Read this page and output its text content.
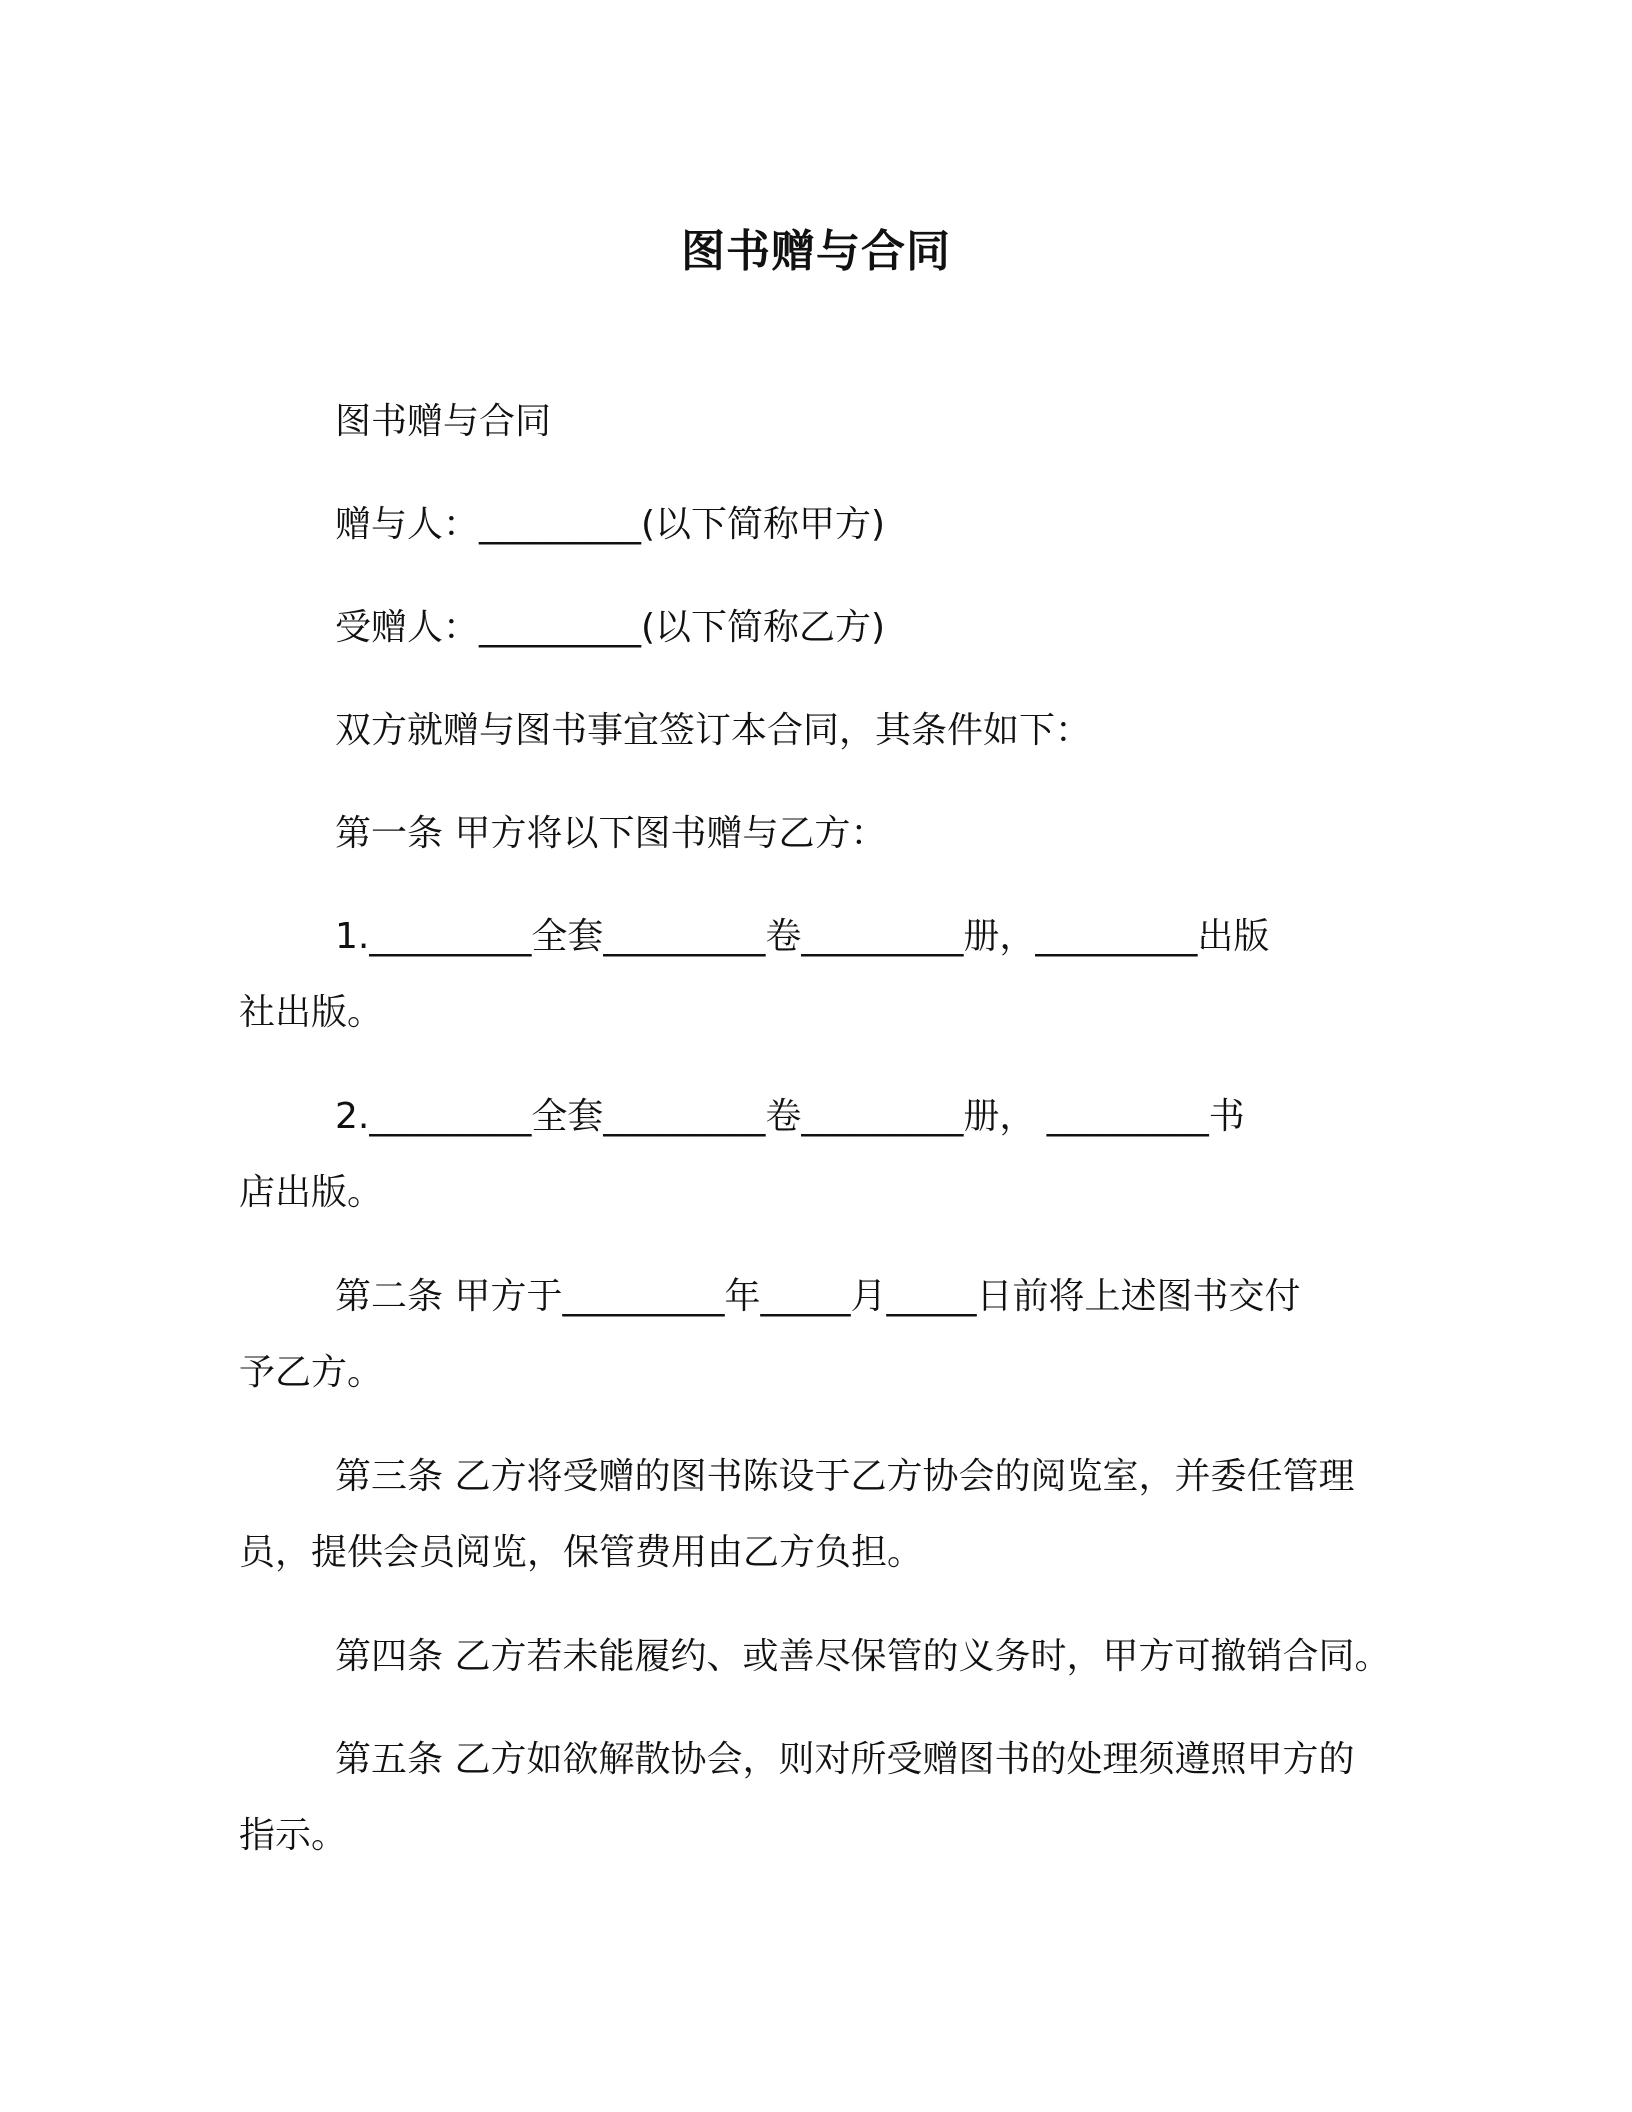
图书赠与合同
图书赠与合同
赠与人：_________(以下简称甲方)
受赠人：_________(以下简称乙方)
双方就赠与图书事宜签订本合同，其条件如下：
第一条 甲方将以下图书赠与乙方：
1._________全套_________卷_________册，_________出版
社出版。
2._________全套_________卷_________册， _________书
店出版。
第二条 甲方于_________年_____月_____日前将上述图书交付
予乙方。
第三条 乙方将受赠的图书陈设于乙方协会的阅览室，并委任管理
员，提供会员阅览，保管费用由乙方负担。
第四条 乙方若未能履约、或善尽保管的义务时，甲方可撤销合同。
第五条 乙方如欲解散协会，则对所受赠图书的处理须遵照甲方的
指示。
